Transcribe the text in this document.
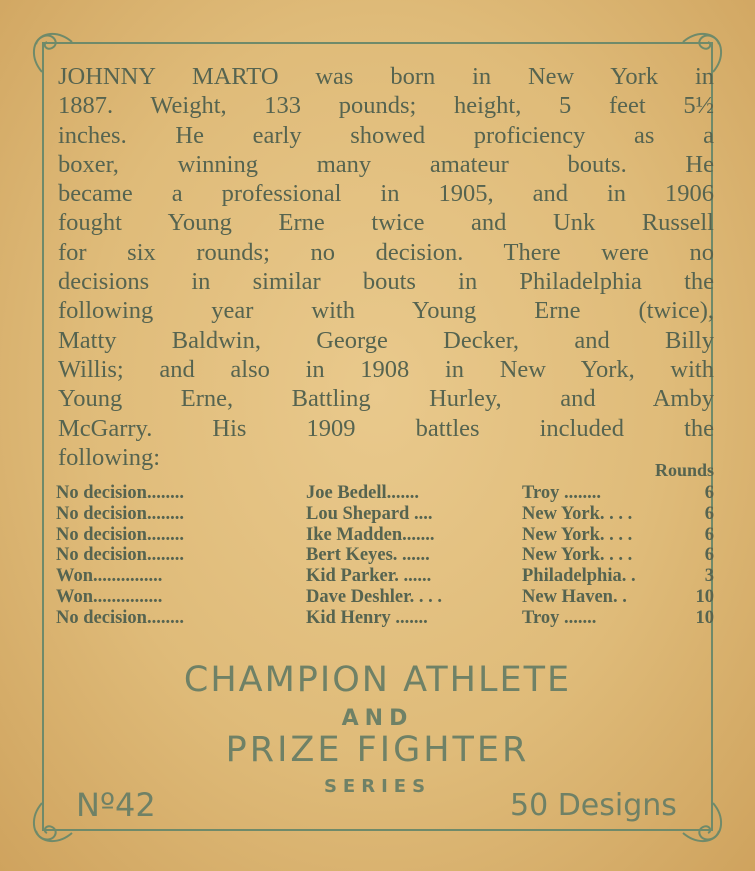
JOHNNY MARTO was born in New York in
1887. Weight, 133 pounds; height, 5 feet 5½
inches. He early showed proficiency as a
boxer, winning many amateur bouts. He
became a professional in 1905, and in 1906
fought Young Erne twice and Unk Russell
for six rounds; no decision. There were no
decisions in similar bouts in Philadelphia the
following year with Young Erne (twice),
Matty Baldwin, George Decker, and Billy
Willis; and also in 1908 in New York, with
Young Erne, Battling Hurley, and Amby
McGarry. His 1909 battles included the
following:	Rounds
No decision........	Joe Bedell.......	Troy ........	6
No decision........	Lou Shepard ....	New York. . . .	6
No decision........	Ike Madden.......	New York. . . .	6
No decision........	Bert Keyes. ......	New York. . . .	6
Won...............	Kid Parker. ......	Philadelphia. .	3
Won...............	Dave Deshler. . . .	New Haven. .	10
No decision........	Kid Henry .......	Troy .......	10
CHAMPION ATHLETE
AND
PRIZE FIGHTER
SERIES
Nº42	50 Designs
